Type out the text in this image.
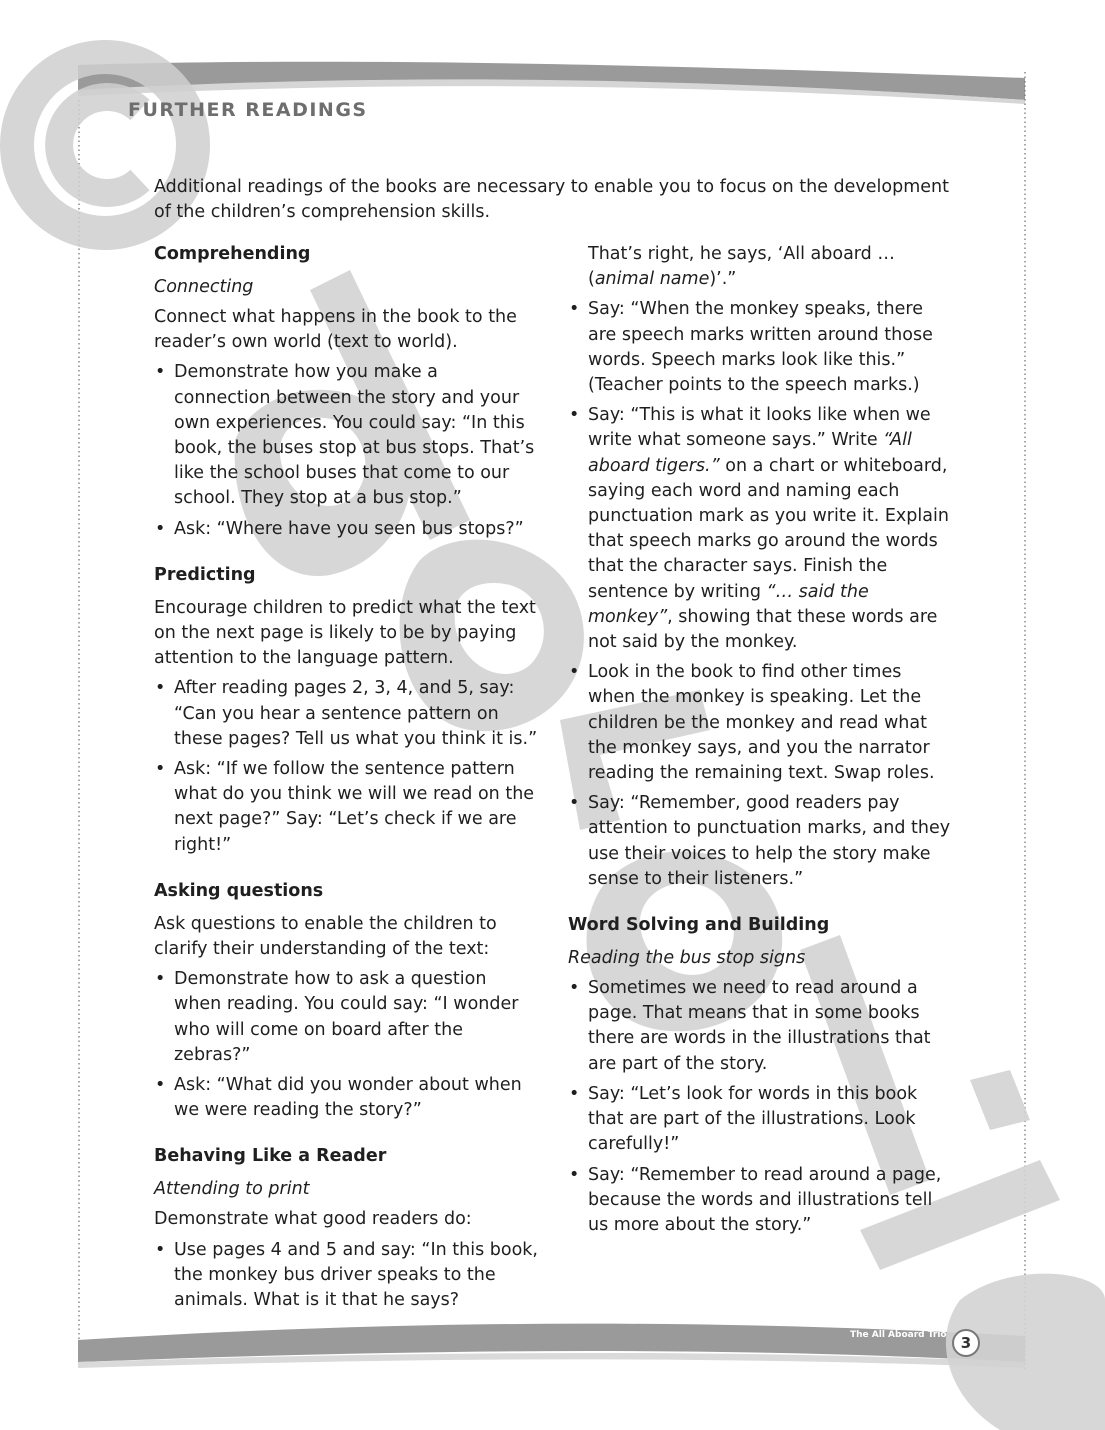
FURTHER READINGS

Additional readings of the books are necessary to enable you to focus on the development of the children’s comprehension skills.

Comprehending
Connecting

Connect what happens in the book to the reader’s own world (text to world).

• Demonstrate how you make a connection between the story and your own experiences. You could say: “In this book, the buses stop at bus stops. That’s like the school buses that come to our school. They stop at a bus stop.”
• Ask: “Where have you seen bus stops?”
Predicting

Encourage children to predict what the text on the next page is likely to be by paying attention to the language pattern.

• After reading pages 2, 3, 4, and 5, say: “Can you hear a sentence pattern on these pages? Tell us what you think it is.”
• Ask: “If we follow the sentence pattern what do you think we will we read on the next page?” Say: “Let’s check if we are right!”
Asking questions

Ask questions to enable the children to clarify their understanding of the text:

• Demonstrate how to ask a question when reading. You could say: “I wonder who will come on board after the zebras?”
• Ask: “What did you wonder about when we were reading the story?”
Behaving Like a Reader
Attending to print

Demonstrate what good readers do:

• Use pages 4 and 5 and say: “In this book, the monkey bus driver speaks to the animals. What is it that he says?

That’s right, he says, ‘All aboard … (animal name)’.”

• Say: “When the monkey speaks, there are speech marks written around those words. Speech marks look like this.” (Teacher points to the speech marks.)
• Say: “This is what it looks like when we write what someone says.” Write “All aboard tigers.” on a chart or whiteboard, saying each word and naming each punctuation mark as you write it. Explain that speech marks go around the words that the character says. Finish the sentence by writing “… said the monkey”, showing that these words are not said by the monkey.
• Look in the book to find other times when the monkey is speaking. Let the children be the monkey and read what the monkey says, and you the narrator reading the remaining text. Swap roles.
• Say: “Remember, good readers pay attention to punctuation marks, and they use their voices to help the story make sense to their listeners.”
Word Solving and Building
Reading the bus stop signs
• Sometimes we need to read around a page. That means that in some books there are words in the illustrations that are part of the story.
• Say: “Let’s look for words in this book that are part of the illustrations. Look carefully!”
• Say: “Remember to read around a page, because the words and illustrations tell us more about the story.”
The All Aboard Trio 3
